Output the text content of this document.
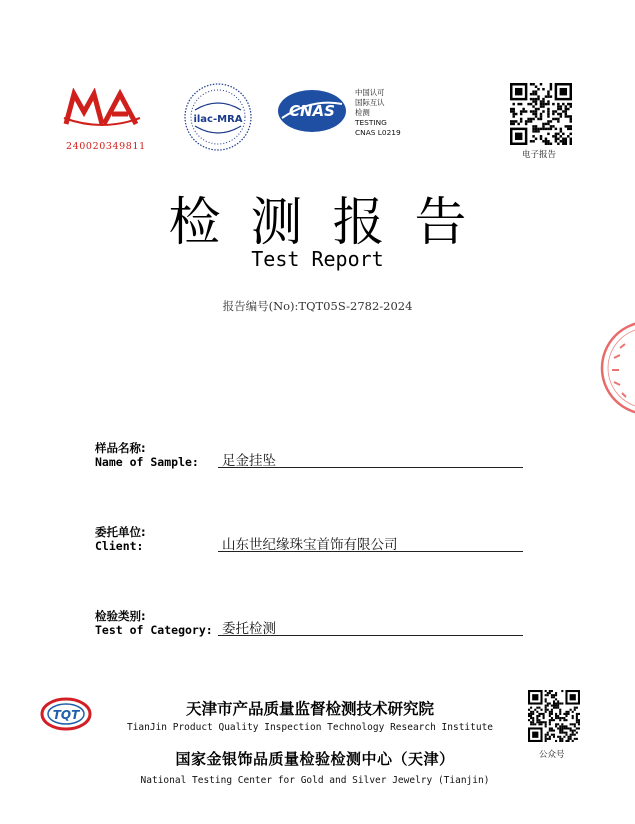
240020349811
ilac-MRA	CNAS
中国认可
国际互认
检测
TESTING
CNAS L0219
电子报告
检测报告
Test Report
报告编号(No):TQT05S-2782-2024
样品名称:
Name of Sample: 足金挂坠
委托单位:
Client:	山东世纪缘珠宝首饰有限公司
检验类别:
Test of Category: 委托检测
TQT	天津市产品质量监督检测技术研究院
TianJin Product Quality Inspection Technology Research Institute
国家金银饰品质量检验检测中心（天津）
National Testing Center for Gold and Silver Jewelry (Tianjin)
公众号
